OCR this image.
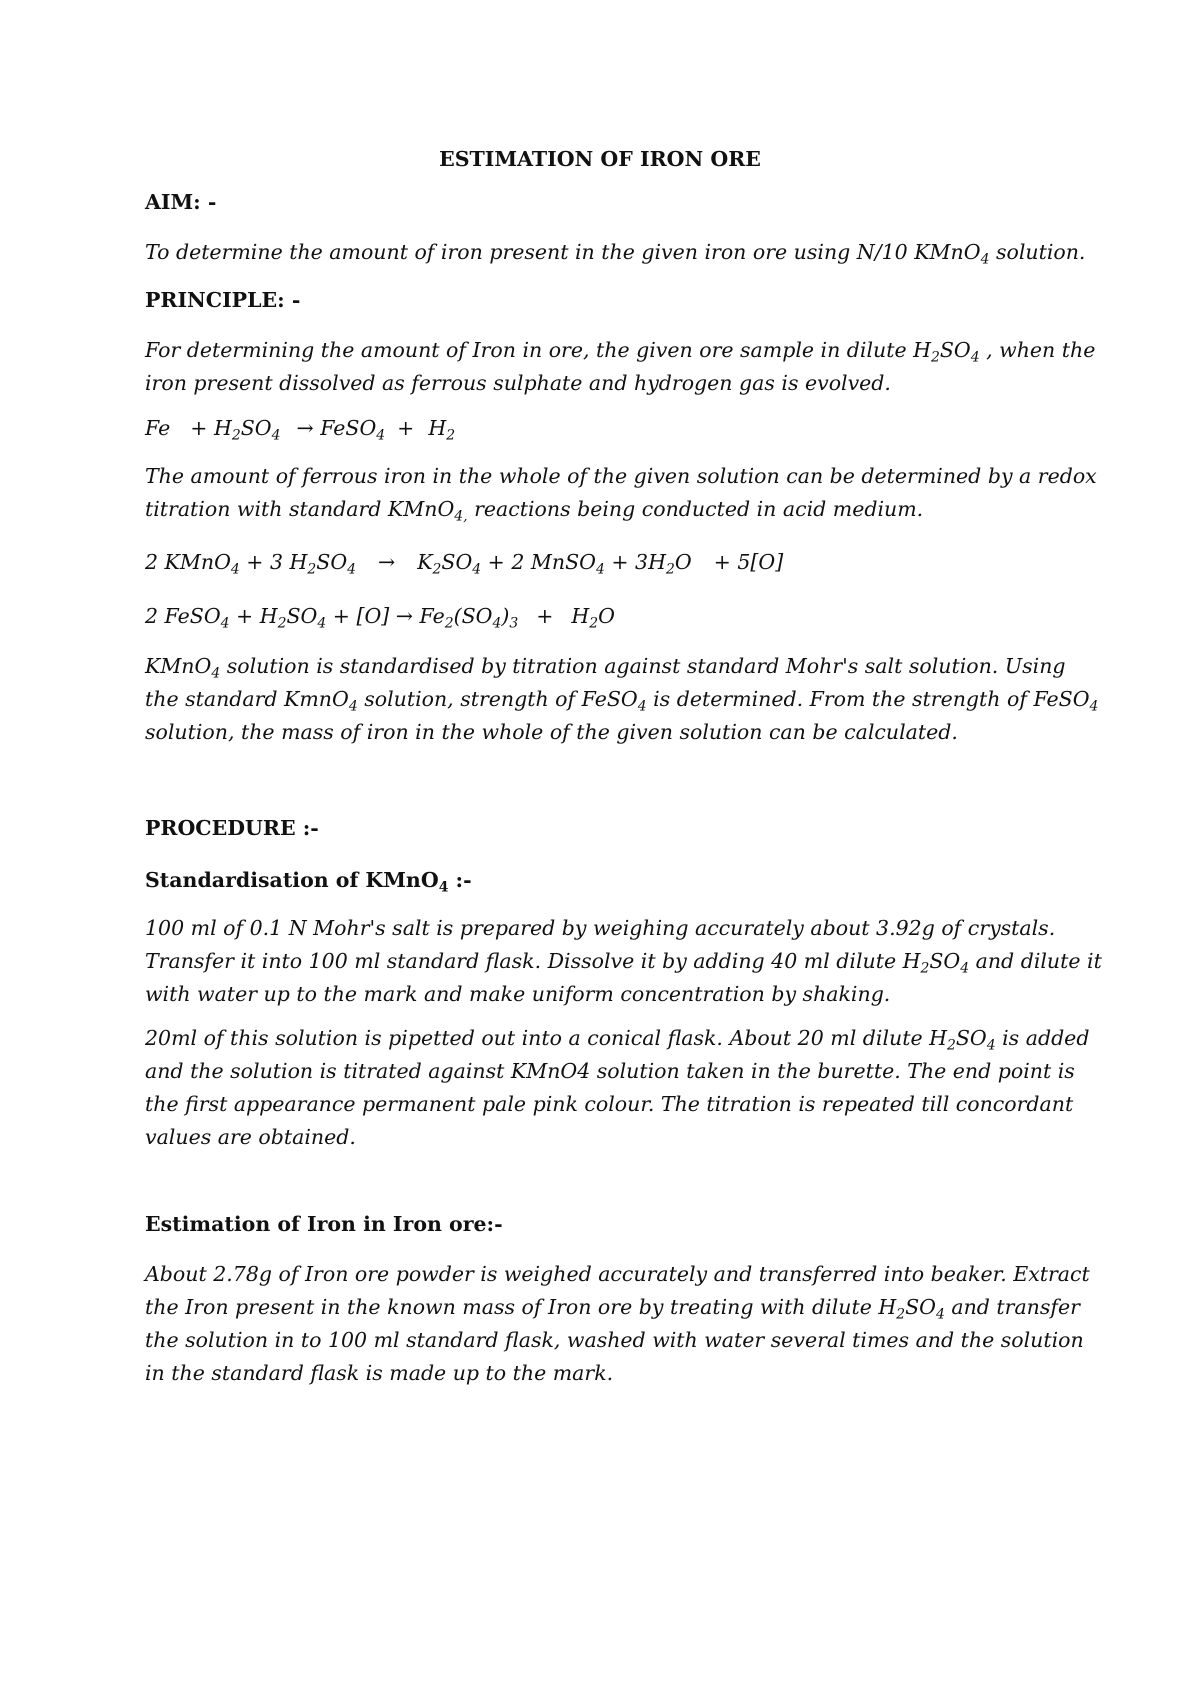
ESTIMATION OF IRON ORE
AIM: -
To determine the amount of iron present in the given iron ore using N/10 KMnO$_4$ solution.
PRINCIPLE: -
For determining the amount of Iron in ore, the given ore sample in dilute $H_2SO_4$ , when the
iron present dissolved as ferrous sulphate and hydrogen gas is evolved.
$Fe + H_2SO_4$ → FeSO$_4$ + $H_2$
The amount of ferrous iron in the whole of the given solution can be determined by a redox
titration with standard KMnO$_{4,}$ reactions being conducted in acid medium.
2 KMnO$_4$ + 3 $H_2SO_4 \to K_2SO_4 + 2$ MnSO$_4$ + $3H_2O + 5[O]$
2 FeSO$_4$ + $H_2SO_4 + [O] \to Fe_2(SO_4)_3 + H_2O$
KMnO$_4$ solution is standardised by titration against standard Mohr's salt solution. Using
the standard KmnO$_4$ solution, strength of FeSO$_4$ is determined. From the strength of FeSO$_4$
solution, the mass of iron in the whole of the given solution can be calculated.
PROCEDURE :-
Standardisation of KMnO$_4$ :-
100 ml of 0.1 N Mohr's salt is prepared by weighing accurately about 3.92g of crystals.
Transfer it into 100 ml standard flask. Dissolve it by adding 40 ml dilute $H_2SO_4$ and dilute it
with water up to the mark and make uniform concentration by shaking.
20ml of this solution is pipetted out into a conical flask. About 20 ml dilute $H_2SO_4$ is added
and the solution is titrated against KMnO4 solution taken in the burette. The end point is
the first appearance permanent pale pink colour. The titration is repeated till concordant
values are obtained.
Estimation of Iron in Iron ore:-
About 2.78g of Iron ore powder is weighed accurately and transferred into beaker. Extract
the Iron present in the known mass of Iron ore by treating with dilute $H_2SO_4$ and transfer
the solution in to 100 ml standard flask, washed with water several times and the solution
in the standard flask is made up to the mark.
